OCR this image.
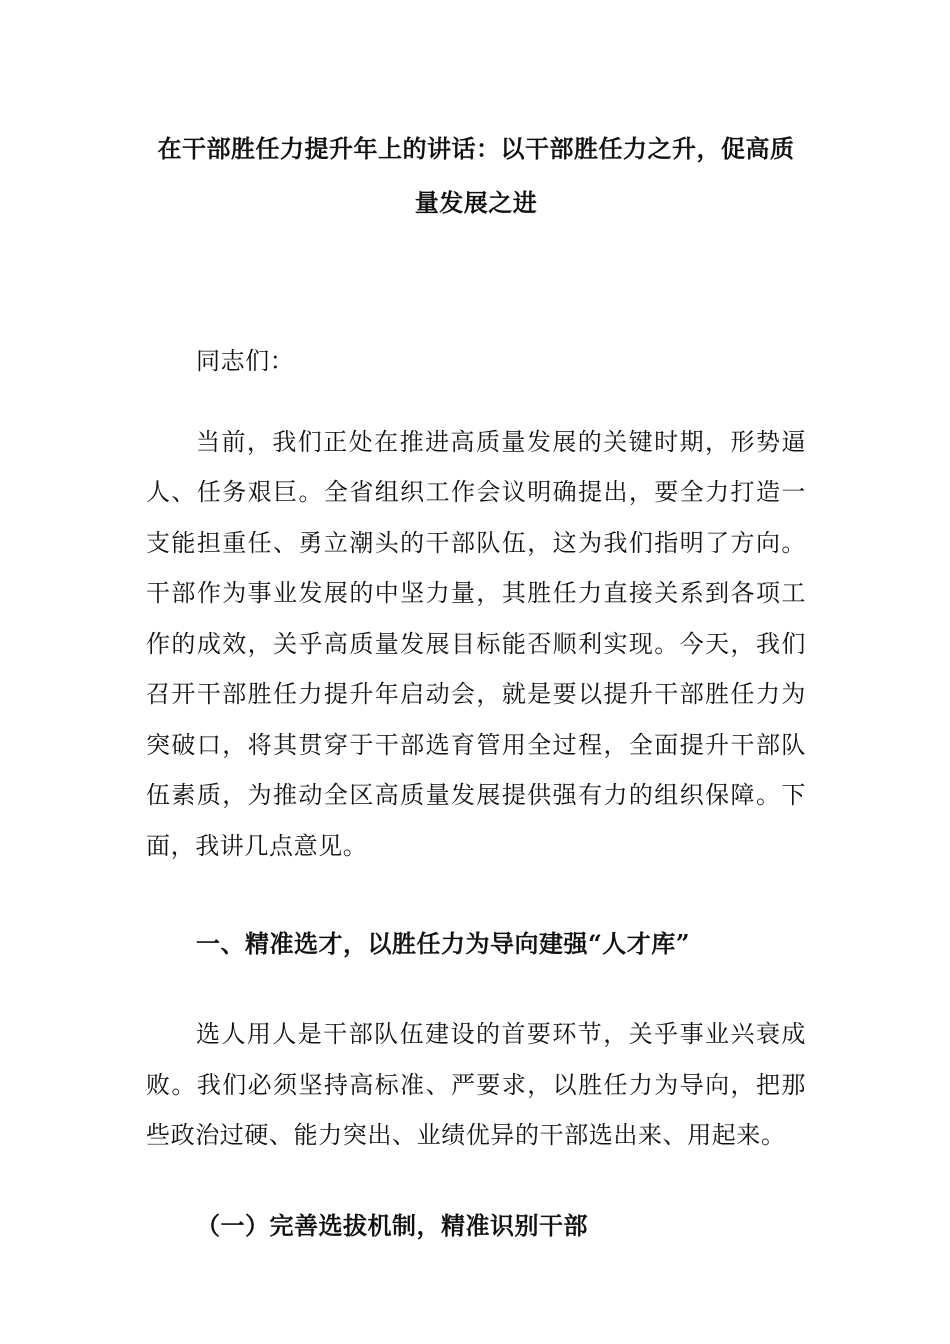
在干部胜任力提升年上的讲话：以干部胜任力之升，促高质量发展之进

同志们：

当前，我们正处在推进高质量发展的关键时期，形势逼人、任务艰巨。全省组织工作会议明确提出，要全力打造一支能担重任、勇立潮头的干部队伍，这为我们指明了方向。干部作为事业发展的中坚力量，其胜任力直接关系到各项工作的成效，关乎高质量发展目标能否顺利实现。今天，我们召开干部胜任力提升年启动会，就是要以提升干部胜任力为突破口，将其贯穿于干部选育管用全过程，全面提升干部队伍素质，为推动全区高质量发展提供强有力的组织保障。下面，我讲几点意见。

一、精准选才，以胜任力为导向建强“人才库”

选人用人是干部队伍建设的首要环节，关乎事业兴衰成败。我们必须坚持高标准、严要求，以胜任力为导向，把那些政治过硬、能力突出、业绩优异的干部选出来、用起来。

（一）完善选拔机制，精准识别干部
